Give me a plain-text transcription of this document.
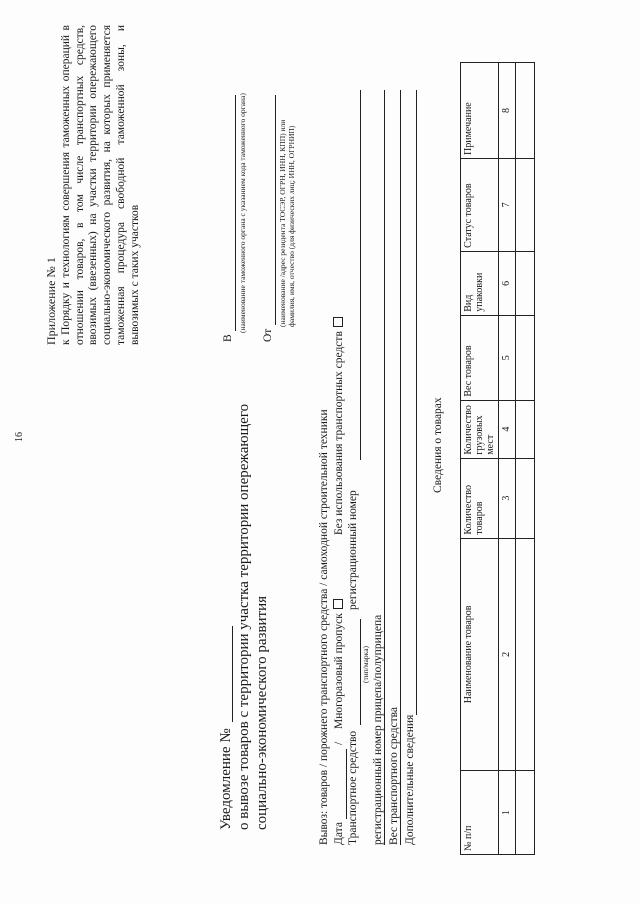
16
Приложение № 1 к Порядку и технологиям совершения таможенных операций в отношении товаров, в том числе транспортных средств, ввозимых (ввезенных) на участки территории опережающего социально-экономического развития, на которых применяется таможенная процедура свободной таможенной зоны, и вывозимых с таких участков	В
(наименование таможенного органа с указанием кода таможенного органа)
От
(наименование /адрес резидента ТОСЭР, ОГРН, ИНН, КПП) или фамилия, имя, отчество (для физических лиц; ИНН, ОГРНИП)
Уведомление № о вывозе товаров с территории участка территории опережающего социально-экономического развития	Вывоз: товаров / порожнего транспортного средства / самоходной строительной техники Дата
/
Многоразовый пропуск
Без использования транспортных средств
Транспортное средство
(тип/марка)
регистрационный номер
регистрационный номер прицепа/полуприцепа Вес транспортного средства Дополнительные сведения
Сведения о товарах
№ п/п	Наименование товаров	Количество товаров	Количество грузовых мест	Вес товаров	Вид упаковки	Статус товаров	Примечание
1	2	3	4	5	6	7	8
